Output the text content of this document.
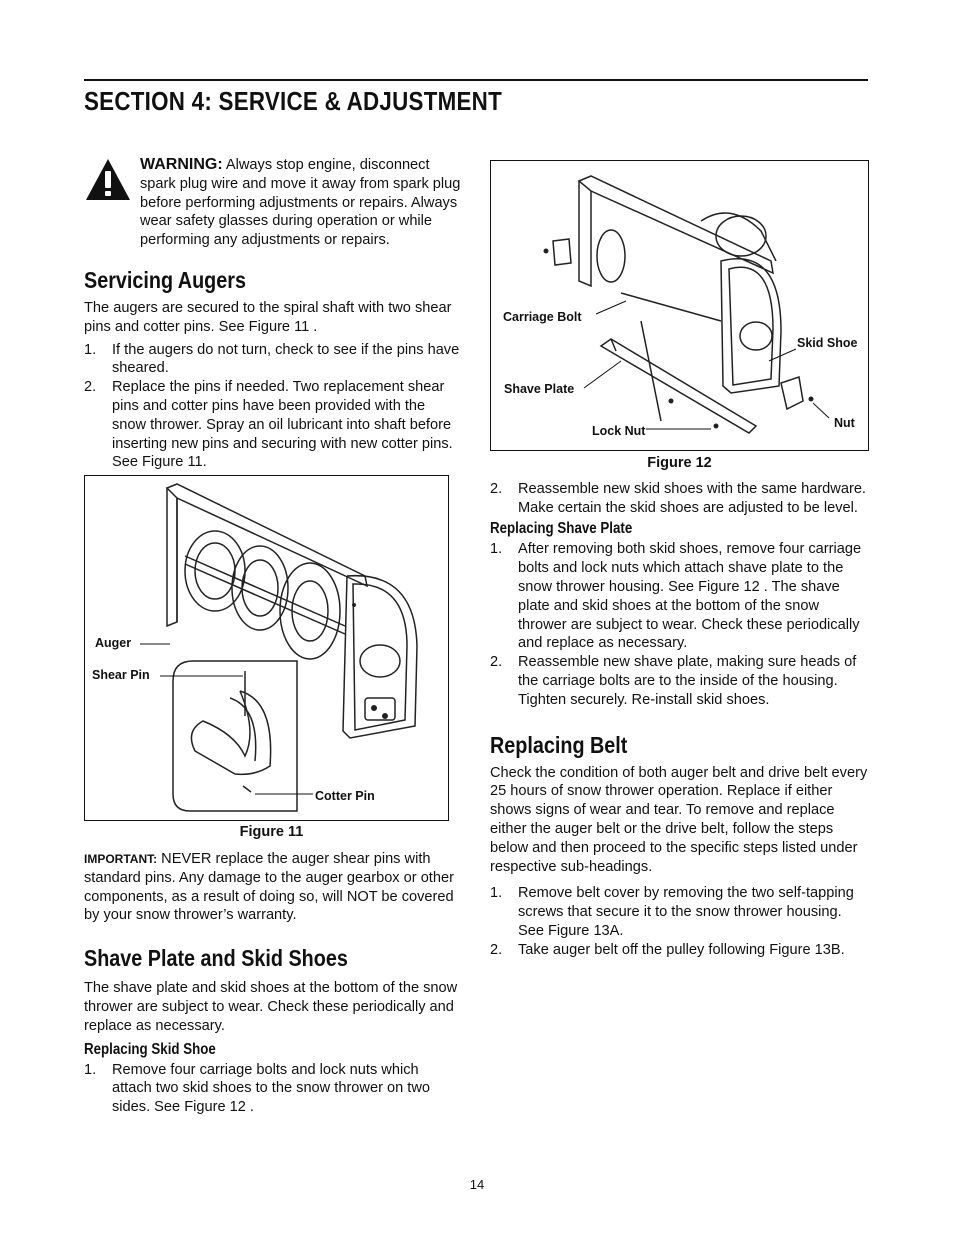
SECTION 4: SERVICE & ADJUSTMENT

WARNING: Always stop engine, disconnect spark plug wire and move it away from spark plug before performing adjustments or repairs. Always wear safety glasses during operation or while performing any adjustments or repairs.

Servicing Augers

The augers are secured to the spiral shaft with two shear pins and cotter pins. See Figure 11 .

1. If the augers do not turn, check to see if the pins have sheared.
2. Replace the pins if needed. Two replacement shear pins and cotter pins have been provided with the snow thrower. Spray an oil lubricant into shaft before inserting new pins and securing with new cotter pins. See Figure 11.
Auger
Shear Pin
Cotter Pin
Figure 11

IMPORTANT: NEVER replace the auger shear pins with standard pins. Any damage to the auger gearbox or other components, as a result of doing so, will NOT be covered by your snow thrower’s warranty.

Shave Plate and Skid Shoes

The shave plate and skid shoes at the bottom of the snow thrower are subject to wear. Check these periodically and replace as necessary.

Replacing Skid Shoe
1. Remove four carriage bolts and lock nuts which attach two skid shoes to the snow thrower on two sides. See Figure 12 .
Carriage Bolt
Skid Shoe
Shave Plate
Lock Nut
Nut
Figure 12
2. Reassemble new skid shoes with the same hardware. Make certain the skid shoes are adjusted to be level.
Replacing Shave Plate
1. After removing both skid shoes, remove four carriage bolts and lock nuts which attach shave plate to the snow thrower housing. See Figure 12 . The shave plate and skid shoes at the bottom of the snow thrower are subject to wear. Check these periodically and replace as necessary.
2. Reassemble new shave plate, making sure heads of the carriage bolts are to the inside of the housing. Tighten securely. Re-install skid shoes.
Replacing Belt

Check the condition of both auger belt and drive belt every 25 hours of snow thrower operation. Replace if either shows signs of wear and tear. To remove and replace either the auger belt or the drive belt, follow the steps below and then proceed to the specific steps listed under respective sub-headings.

1. Remove belt cover by removing the two self-tapping screws that secure it to the snow thrower housing. See Figure 13A.
2. Take auger belt off the pulley following Figure 13B.
14
